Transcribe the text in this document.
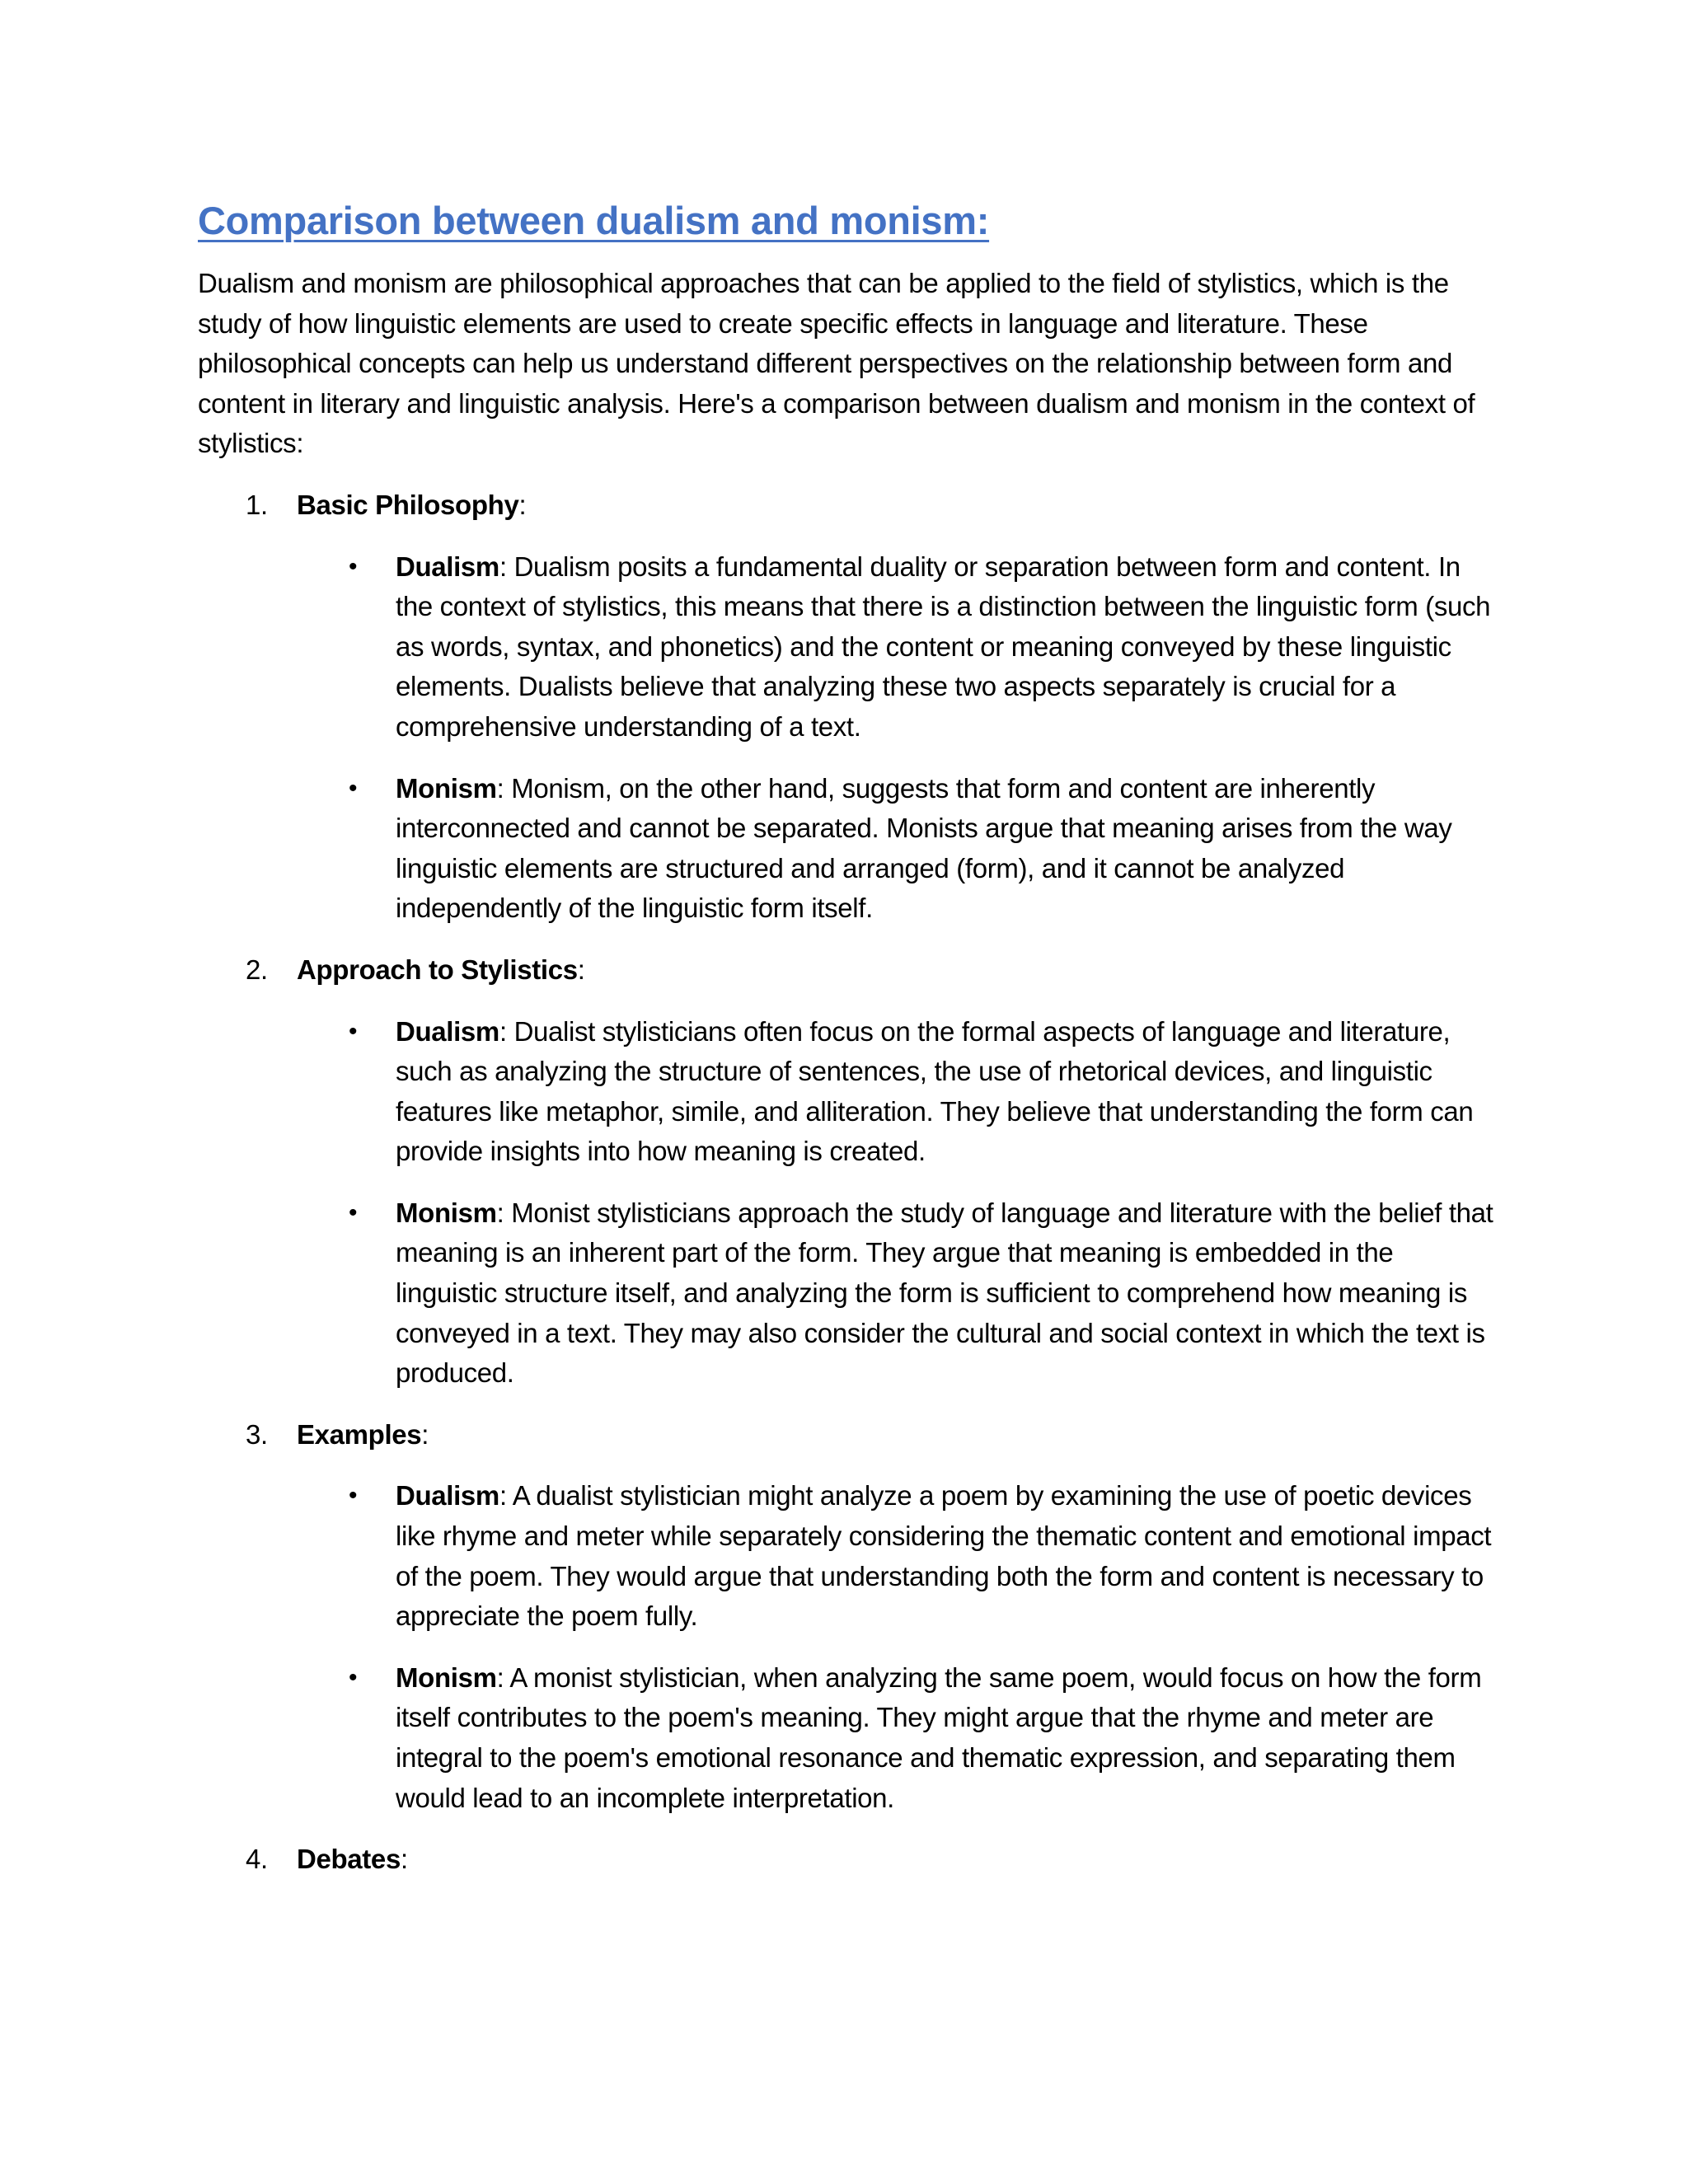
Comparison between dualism and monism:

Dualism and monism are philosophical approaches that can be applied to the field of stylistics, which is the study of how linguistic elements are used to create specific effects in language and literature. These philosophical concepts can help us understand different perspectives on the relationship between form and content in literary and linguistic analysis. Here's a comparison between dualism and monism in the context of stylistics:

1. Basic Philosophy:
• Dualism: Dualism posits a fundamental duality or separation between form and content. In the context of stylistics, this means that there is a distinction between the linguistic form (such as words, syntax, and phonetics) and the content or meaning conveyed by these linguistic elements. Dualists believe that analyzing these two aspects separately is crucial for a comprehensive understanding of a text.
• Monism: Monism, on the other hand, suggests that form and content are inherently interconnected and cannot be separated. Monists argue that meaning arises from the way linguistic elements are structured and arranged (form), and it cannot be analyzed independently of the linguistic form itself.
2. Approach to Stylistics:
• Dualism: Dualist stylisticians often focus on the formal aspects of language and literature, such as analyzing the structure of sentences, the use of rhetorical devices, and linguistic features like metaphor, simile, and alliteration. They believe that understanding the form can provide insights into how meaning is created.
• Monism: Monist stylisticians approach the study of language and literature with the belief that meaning is an inherent part of the form. They argue that meaning is embedded in the linguistic structure itself, and analyzing the form is sufficient to comprehend how meaning is conveyed in a text. They may also consider the cultural and social context in which the text is produced.
3. Examples:
• Dualism: A dualist stylistician might analyze a poem by examining the use of poetic devices like rhyme and meter while separately considering the thematic content and emotional impact of the poem. They would argue that understanding both the form and content is necessary to appreciate the poem fully.
• Monism: A monist stylistician, when analyzing the same poem, would focus on how the form itself contributes to the poem's meaning. They might argue that the rhyme and meter are integral to the poem's emotional resonance and thematic expression, and separating them would lead to an incomplete interpretation.
4. Debates:
